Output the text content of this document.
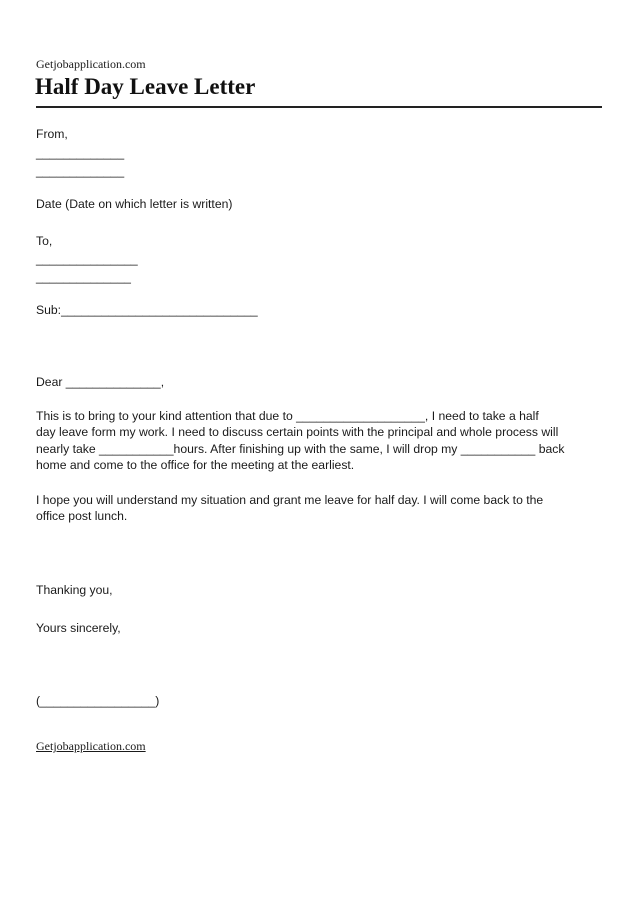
Getjobapplication.com
Half Day Leave Letter
From,
_____________
_____________
Date (Date on which letter is written)
To,
_______________
______________
Sub:_____________________________
Dear ______________,
This is to bring to your kind attention that due to ___________________, I need to take a half
day leave form my work. I need to discuss certain points with the principal and whole process will
nearly take ___________hours. After finishing up with the same, I will drop my ___________ back
home and come to the office for the meeting at the earliest.
I hope you will understand my situation and grant me leave for half day. I will come back to the
office post lunch.
Thanking you,
Yours sincerely,
(_________________)
Getjobapplication.com
